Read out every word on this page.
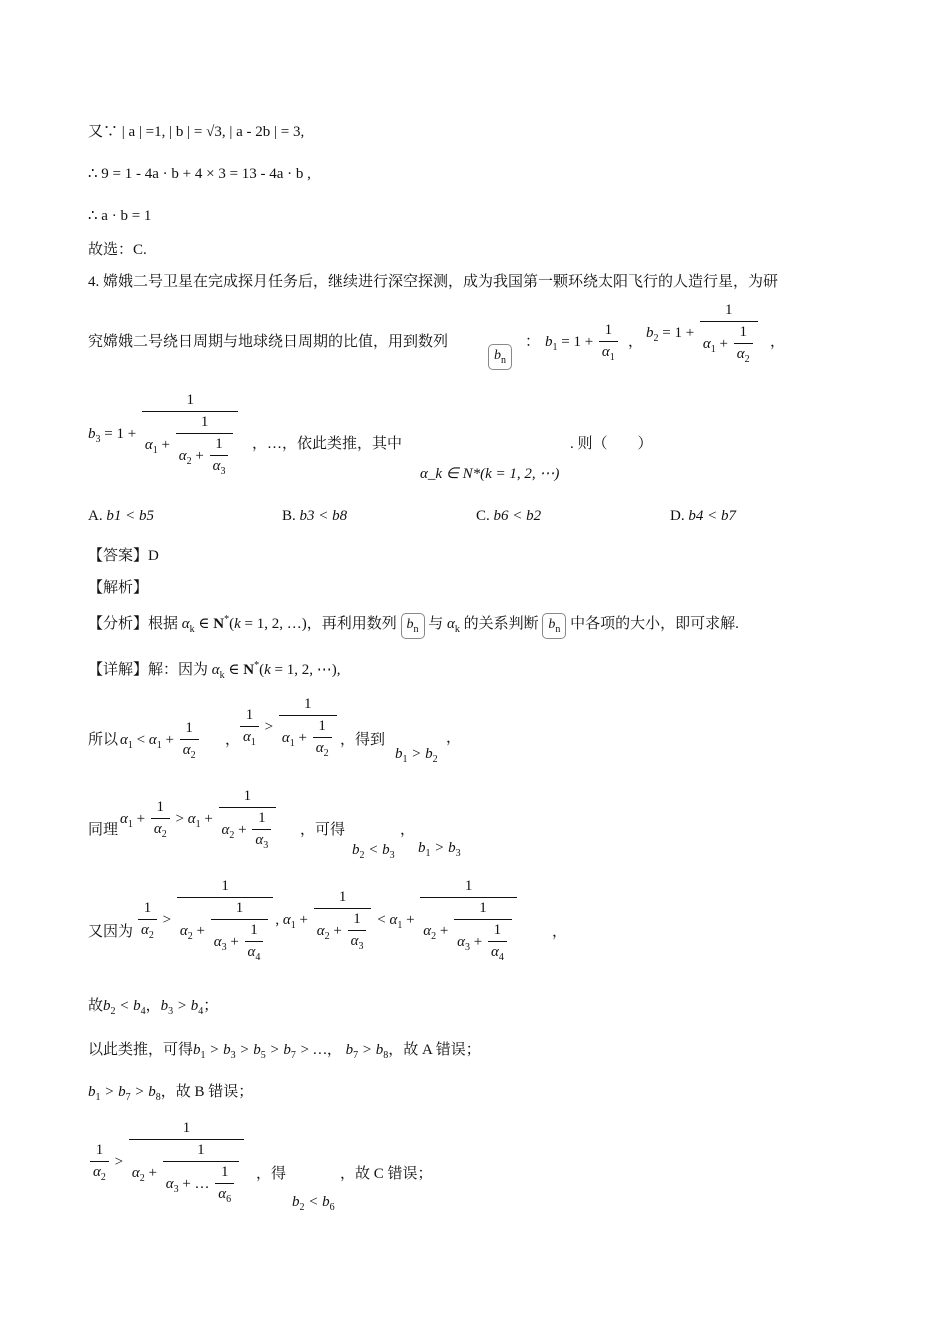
又∵ | a | =1, | b | = √3, | a - 2b | = 3,
∴ 9 = 1 - 4a · b + 4 × 3 = 13 - 4a · b ,
∴ a · b = 1
故选：C.
4. 嫦娥二号卫星在完成探月任务后，继续进行深空探测，成为我国第一颗环绕太阳飞行的人造行星，为研
究嫦娥二号绕日周期与地球绕日周期的比值，用到数列
$b_n$
： $b_1 = 1 + \frac{1}{\alpha_1}$ ，
$b_2 = 1 + \frac{1}{\alpha_1 + \frac{1}{\alpha_2}}$ ，
$b_3 = 1 + \frac{1}{\alpha_1 + \frac{1}{\alpha_2 + \frac{1}{\alpha_3}}}$ ，…，依此类推，其中	. 则（　　）
α_k ∈ N*(k = 1, 2, ⋯)
A. b1 < b5	B. b3 < b8	C. b6 < b2	D. b4 < b7
【答案】D
【解析】
【分析】根据 $\alpha_k$ ∈ N*(k = 1, 2, …)，再利用数列 $b_n$ 与 $\alpha_k$ 的关系判断 $b_n$ 中各项的大小，即可求解.
【详解】解：因为 $\alpha_k$ ∈ N*(k = 1, 2, ⋯),
所以 $\alpha_1 < \alpha_1 + \frac{1}{\alpha_2}$ ， $\frac{1}{\alpha_1} > \frac{1}{\alpha_1 + \frac{1}{\alpha_2}}$ ，得到
$b_1 > b_2$
，
同理
$\alpha_1 + \frac{1}{\alpha_2} > \alpha_1 + \frac{1}{\alpha_2 + \frac{1}{\alpha_3}}$ ，可得
$b_2 < b_3$
，
$b_1 > b_3$
又因为 $\frac{1}{\alpha_2} > \frac{1}{\alpha_2 + \frac{1}{\alpha_3 + \frac{1}{\alpha_4}}}$ , $\alpha_1 + \frac{1}{\alpha_2 + \frac{1}{\alpha_3}} < \alpha_1 + \frac{1}{\alpha_2 + \frac{1}{\alpha_3 + \frac{1}{\alpha_4}}}$ ，
故$b_2 < b_4$，$b_3 > b_4$；
以此类推，可得$b_1 > b_3 > b_5 > b_7$ > …， $b_7 > b_8$，故 A 错误；
$b_1 > b_7 > b_8$，故 B 错误；
$\frac{1}{\alpha_2} > \frac{1}{\alpha_2 + \frac{1}{\alpha_3 + \dots \frac{1}{\alpha_6}}}$ ，得
$b_2 < b_6$
，故 C 错误；
